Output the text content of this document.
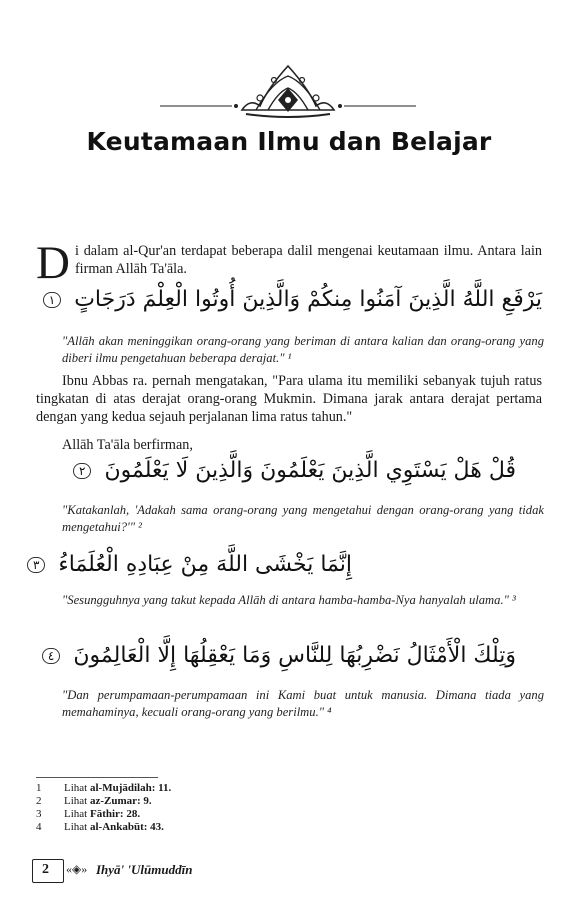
Keutamaan Ilmu dan Belajar

Di dalam al-Qur'an terdapat beberapa dalil mengenai keutamaan ilmu. Antara lain firman Allāh Ta'āla.

يَرْفَعِ اللَّهُ الَّذِينَ آمَنُوا مِنكُمْ وَالَّذِينَ أُوتُوا الْعِلْمَ دَرَجَاتٍ ١

"Allāh akan meninggikan orang-orang yang beriman di antara kalian dan orang-orang yang diberi ilmu pengetahuan beberapa derajat." ¹

Ibnu Abbas ra. pernah mengatakan, "Para ulama itu memiliki sebanyak tujuh ratus tingkatan di atas derajat orang-orang Mukmin. Dimana jarak antara derajat pertama dengan yang kedua sejauh perjalanan lima ratus tahun."

Allāh Ta'āla berfirman,

قُلْ هَلْ يَسْتَوِي الَّذِينَ يَعْلَمُونَ وَالَّذِينَ لَا يَعْلَمُونَ ٢

"Katakanlah, 'Adakah sama orang-orang yang mengetahui dengan orang-orang yang tidak mengetahui?'" ²

إِنَّمَا يَخْشَى اللَّهَ مِنْ عِبَادِهِ الْعُلَمَاءُ ٣

"Sesungguhnya yang takut kepada Allāh di antara hamba-hamba-Nya hanyalah ulama." ³

وَتِلْكَ الْأَمْثَالُ نَضْرِبُهَا لِلنَّاسِ وَمَا يَعْقِلُهَا إِلَّا الْعَالِمُونَ ٤

"Dan perumpamaan-perumpamaan ini Kami buat untuk manusia. Dimana tiada yang memahaminya, kecuali orang-orang yang berilmu." ⁴

1 Lihat al-Mujādilah: 11.
2 Lihat az-Zumar: 9.
3 Lihat Fāthir: 28.
4 Lihat al-Ankabūt: 43.
2 «◈» Ihyā' 'Ulūmuddīn
